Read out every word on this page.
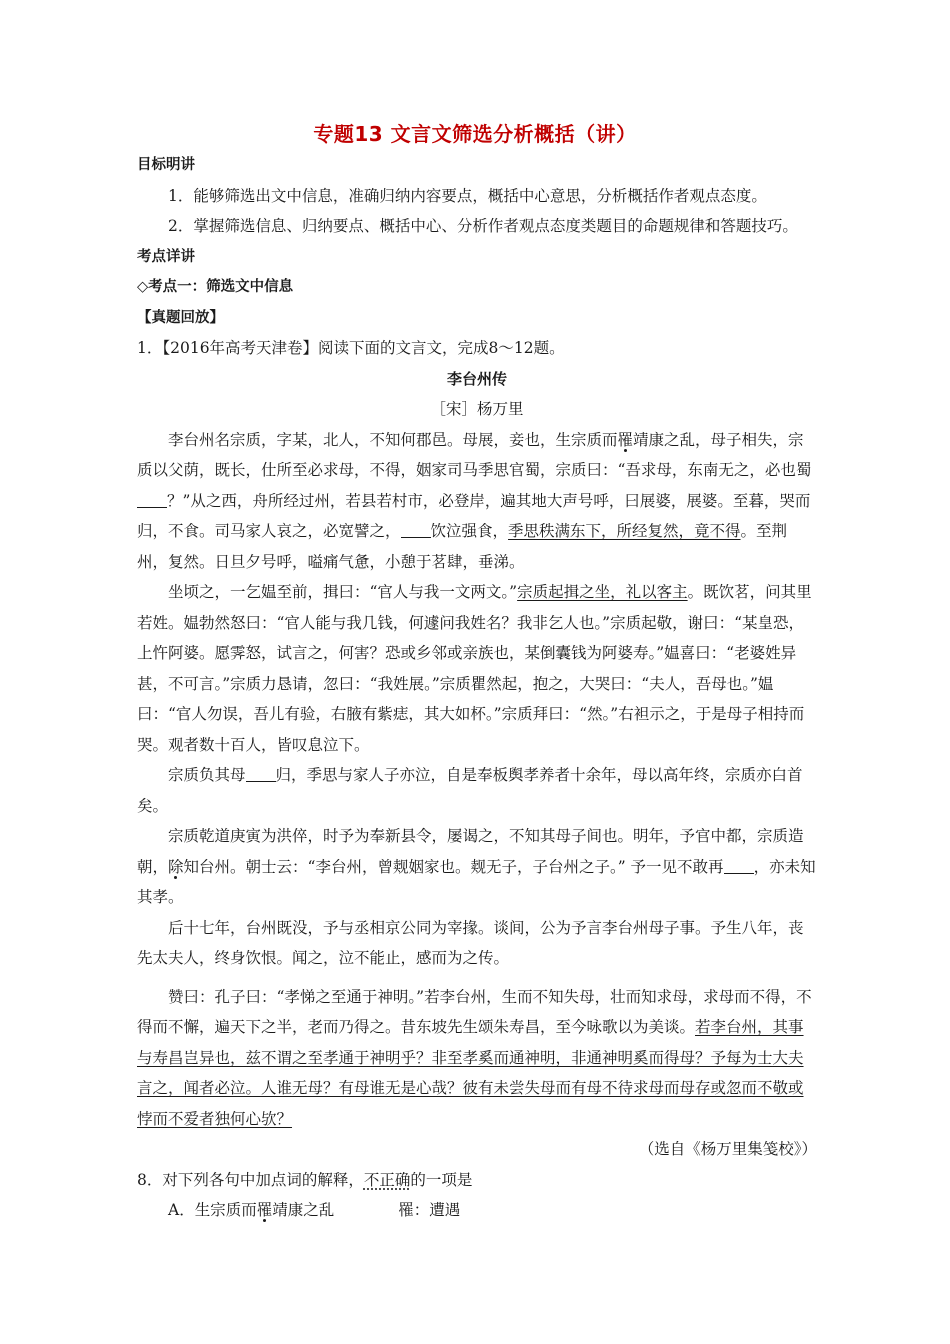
专题13 文言文筛选分析概括（讲）

目标明讲

1．能够筛选出文中信息，准确归纳内容要点，概括中心意思，分析概括作者观点态度。

2．掌握筛选信息、归纳要点、概括中心、分析作者观点态度类题目的命题规律和答题技巧。

考点详讲

◇考点一：筛选文中信息

【真题回放】

1．【2016年高考天津卷】阅读下面的文言文，完成8～12题。

李台州传

［宋］杨万里

李台州名宗质，字某，北人，不知何郡邑。母展，妾也，生宗质而罹靖康之乱，母子相失，宗质以父荫，既长，仕所至必求母，不得，姻家司马季思官蜀，宗质曰：“吾求母，东南无之，必也蜀？”从之西，舟所经过州，若县若村市，必登岸，遍其地大声号呼，曰展婆，展婆。至暮，哭而归，不食。司马家人哀之，必宽譬之， 饮泣强食，季思秩满东下，所经复然，竟不得。至荆州，复然。日旦夕号呼，嗌痛气惫，小憩于茗肆，垂涕。

坐顷之，一乞媪至前，揖曰：“官人与我一文两文。”宗质起揖之坐，礼以客主。既饮茗，问其里若姓。媪勃然怒曰：“官人能与我几钱，何遽问我姓名？我非乞人也。”宗质起敬，谢曰：“某皇恐，上忤阿婆。愿霁怒，试言之，何害？恐或乡邻或亲族也，某倒囊钱为阿婆寿。”媪喜曰：“老婆姓异甚，不可言。”宗质力恳请，忽曰：“我姓展。”宗质瞿然起，抱之，大哭曰：“夫人，吾母也。”媪曰：“官人勿误，吾儿有验，右腋有紫痣，其大如杯。”宗质拜曰：“然。”右袒示之，于是母子相持而哭。观者数十百人，皆叹息泣下。

宗质负其母 归，季思与家人子亦泣，自是奉板舆孝养者十余年，母以高年终，宗质亦白首矣。

宗质乾道庚寅为洪倅，时予为奉新县令，屡谒之，不知其母子间也。明年，予官中都，宗质造朝，除知台州。朝士云：“李台州，曾觌姻家也。觌无子，子台州之子。” 予一见不敢再 ，亦未知其孝。

后十七年，台州既没，予与丞相京公同为宰掾。谈间，公为予言李台州母子事。予生八年，丧先太夫人，终身饮恨。闻之，泣不能止，感而为之传。

赞曰：孔子曰：“孝悌之至通于神明。”若李台州，生而不知失母，壮而知求母，求母而不得，不得而不懈，遍天下之半，老而乃得之。昔东坡先生颂朱寿昌，至今咏歌以为美谈。若李台州，其事与寿昌岂异也，兹不谓之至孝通于神明乎？非至孝奚而通神明，非通神明奚而得母？予每为士大夫言之，闻者必泣。人谁无母？有母谁无是心哉？彼有未尝失母而有母不待求母而母存或忽而不敬或悖而不爱者独何心欤？

（选自《杨万里集笺校》）

8．对下列各句中加点词的解释，不正确的一项是

A．生宗质而罹靖康之乱	罹：遭遇
